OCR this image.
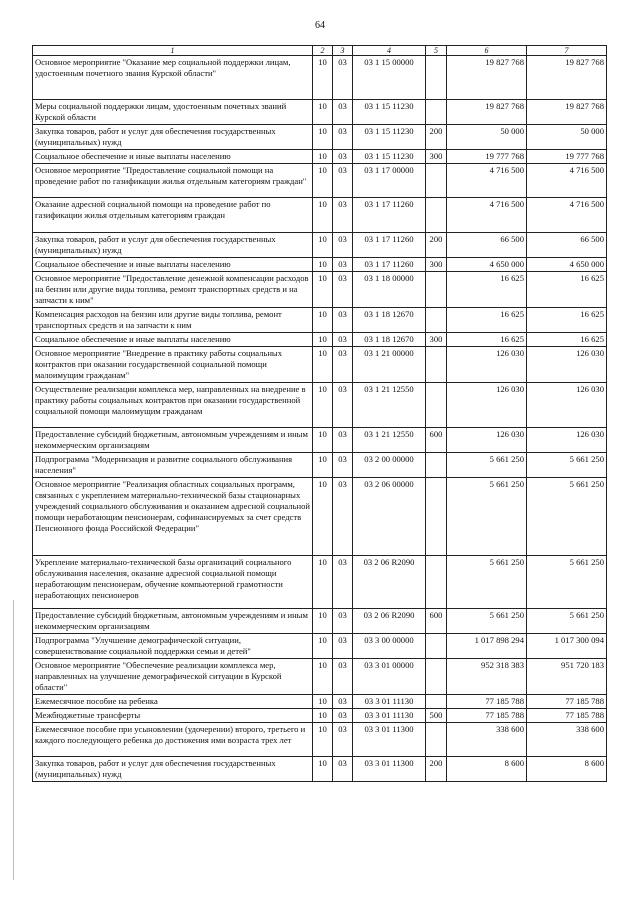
64
1	2	3	4	5	6	7
Основное мероприятие "Оказание мер социальной поддержки лицам, удостоенным почетного звания Курской области"	10	03	03 1 15 00000		19 827 768	19 827 768
Меры социальной поддержки лицам, удостоенным почетных званий Курской области	10	03	03 1 15 11230		19 827 768	19 827 768
Закупка товаров, работ и услуг для обеспечения государственных (муниципальных) нужд	10	03	03 1 15 11230	200	50 000	50 000
Социальное обеспечение и иные выплаты населению	10	03	03 1 15 11230	300	19 777 768	19 777 768
Основное мероприятие "Предоставление социальной помощи на проведение работ по газификации жилья отдельным категориям граждан"	10	03	03 1 17 00000		4 716 500	4 716 500
Оказание адресной социальной помощи на проведение работ по газификации жилья отдельным категориям граждан	10	03	03 1 17 11260		4 716 500	4 716 500
Закупка товаров, работ и услуг для обеспечения государственных (муниципальных) нужд	10	03	03 1 17 11260	200	66 500	66 500
Социальное обеспечение и иные выплаты населению	10	03	03 1 17 11260	300	4 650 000	4 650 000
Основное мероприятие "Предоставление денежной компенсации расходов на бензин или другие виды топлива, ремонт транспортных средств и на запчасти к ним"	10	03	03 1 18 00000		16 625	16 625
Компенсация расходов на бензин или другие виды топлива, ремонт транспортных средств и на запчасти к ним	10	03	03 1 18 12670		16 625	16 625
Социальное обеспечение и иные выплаты населению	10	03	03 1 18 12670	300	16 625	16 625
Основное мероприятие "Внедрение в практику работы социальных контрактов при оказании государственной социальной помощи малоимущим гражданам"	10	03	03 1 21 00000		126 030	126 030
Осуществление реализации комплекса мер, направленных на внедрение в практику работы социальных контрактов при оказании государственной социальной помощи малоимущим гражданам	10	03	03 1 21 12550		126 030	126 030
Предоставление субсидий бюджетным, автономным учреждениям и иным некоммерческим организациям	10	03	03 1 21 12550	600	126 030	126 030
Подпрограмма "Модернизация и развитие социального обслуживания населения"	10	03	03 2 00 00000		5 661 250	5 661 250
Основное мероприятие "Реализация областных социальных программ, связанных с укреплением материально-технической базы стационарных учреждений социального обслуживания и оказанием адресной социальной помощи неработающим пенсионерам, софинансируемых за счет средств Пенсионного фонда Российской Федерации"	10	03	03 2 06 00000		5 661 250	5 661 250
Укрепление материально-технической базы организаций социального обслуживания населения, оказание адресной социальной помощи неработающим пенсионерам, обучение компьютерной грамотности неработающих пенсионеров	10	03	03 2 06 R2090		5 661 250	5 661 250
Предоставление субсидий бюджетным, автономным учреждениям и иным некоммерческим организациям	10	03	03 2 06 R2090	600	5 661 250	5 661 250
Подпрограмма "Улучшение демографической ситуации, совершенствование социальной поддержки семьи и детей"	10	03	03 3 00 00000		1 017 898 294	1 017 300 094
Основное мероприятие "Обеспечение реализации комплекса мер, направленных на улучшение демографической ситуации в Курской области"	10	03	03 3 01 00000		952 318 383	951 720 183
Ежемесячное пособие на ребенка	10	03	03 3 01 11130		77 185 788	77 185 788
Межбюджетные трансферты	10	03	03 3 01 11130	500	77 185 788	77 185 788
Ежемесячное пособие при усыновлении (удочерении) второго, третьего и каждого последующего ребенка до достижения ими возраста трех лет	10	03	03 3 01 11300		338 600	338 600
Закупка товаров, работ и услуг для обеспечения государственных (муниципальных) нужд	10	03	03 3 01 11300	200	8 600	8 600
